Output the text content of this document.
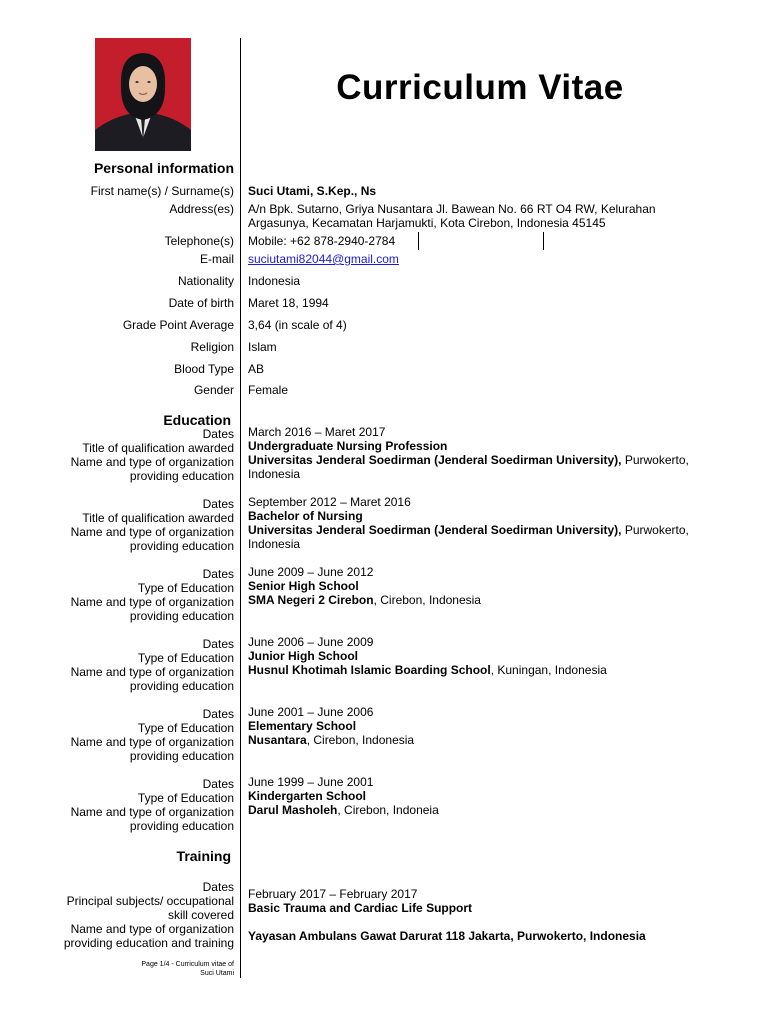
Curriculum Vitae
Personal information
First name(s) / Surname(s) Suci Utami, S.Kep., Ns
Address(es) A/n Bpk. Sutarno, Griya Nusantara Jl. Bawean No. 66 RT O4 RW, Kelurahan Argasunya, Kecamatan Harjamukti, Kota Cirebon, Indonesia 45145
Telephone(s) Mobile: +62 878-2940-2784
E-mail suciutami82044@gmail.com
Nationality Indonesia
Date of birth Maret 18, 1994
Grade Point Average 3,64 (in scale of 4)
Religion Islam
Blood Type AB
Gender Female
Education
Dates
Title of qualification awarded
Name and type of organization
providing education
March 2016 – Maret 2017
Undergraduate Nursing Profession
Universitas Jenderal Soedirman (Jenderal Soedirman University), Purwokerto, Indonesia
Dates
Title of qualification awarded
Name and type of organization
providing education
September 2012 – Maret 2016
Bachelor of Nursing
Universitas Jenderal Soedirman (Jenderal Soedirman University), Purwokerto, Indonesia
Dates
Type of Education
Name and type of organization
providing education
June 2009 – June 2012
Senior High School
SMA Negeri 2 Cirebon, Cirebon, Indonesia
Dates
Type of Education
Name and type of organization
providing education
June 2006 – June 2009
Junior High School
Husnul Khotimah Islamic Boarding School, Kuningan, Indonesia
Dates
Type of Education
Name and type of organization
providing education
June 2001 – June 2006
Elementary School
Nusantara, Cirebon, Indonesia
Dates
Type of Education
Name and type of organization
providing education
June 1999 – June 2001
Kindergarten School
Darul Masholeh, Cirebon, Indoneia
Training
Dates
Principal subjects/ occupational
skill covered
Name and type of organization
providing education and training
February 2017 – February 2017
Basic Trauma and Cardiac Life Support
Yayasan Ambulans Gawat Darurat 118 Jakarta, Purwokerto, Indonesia
Page 1/4 - Curriculum vitae of
Suci Utami
